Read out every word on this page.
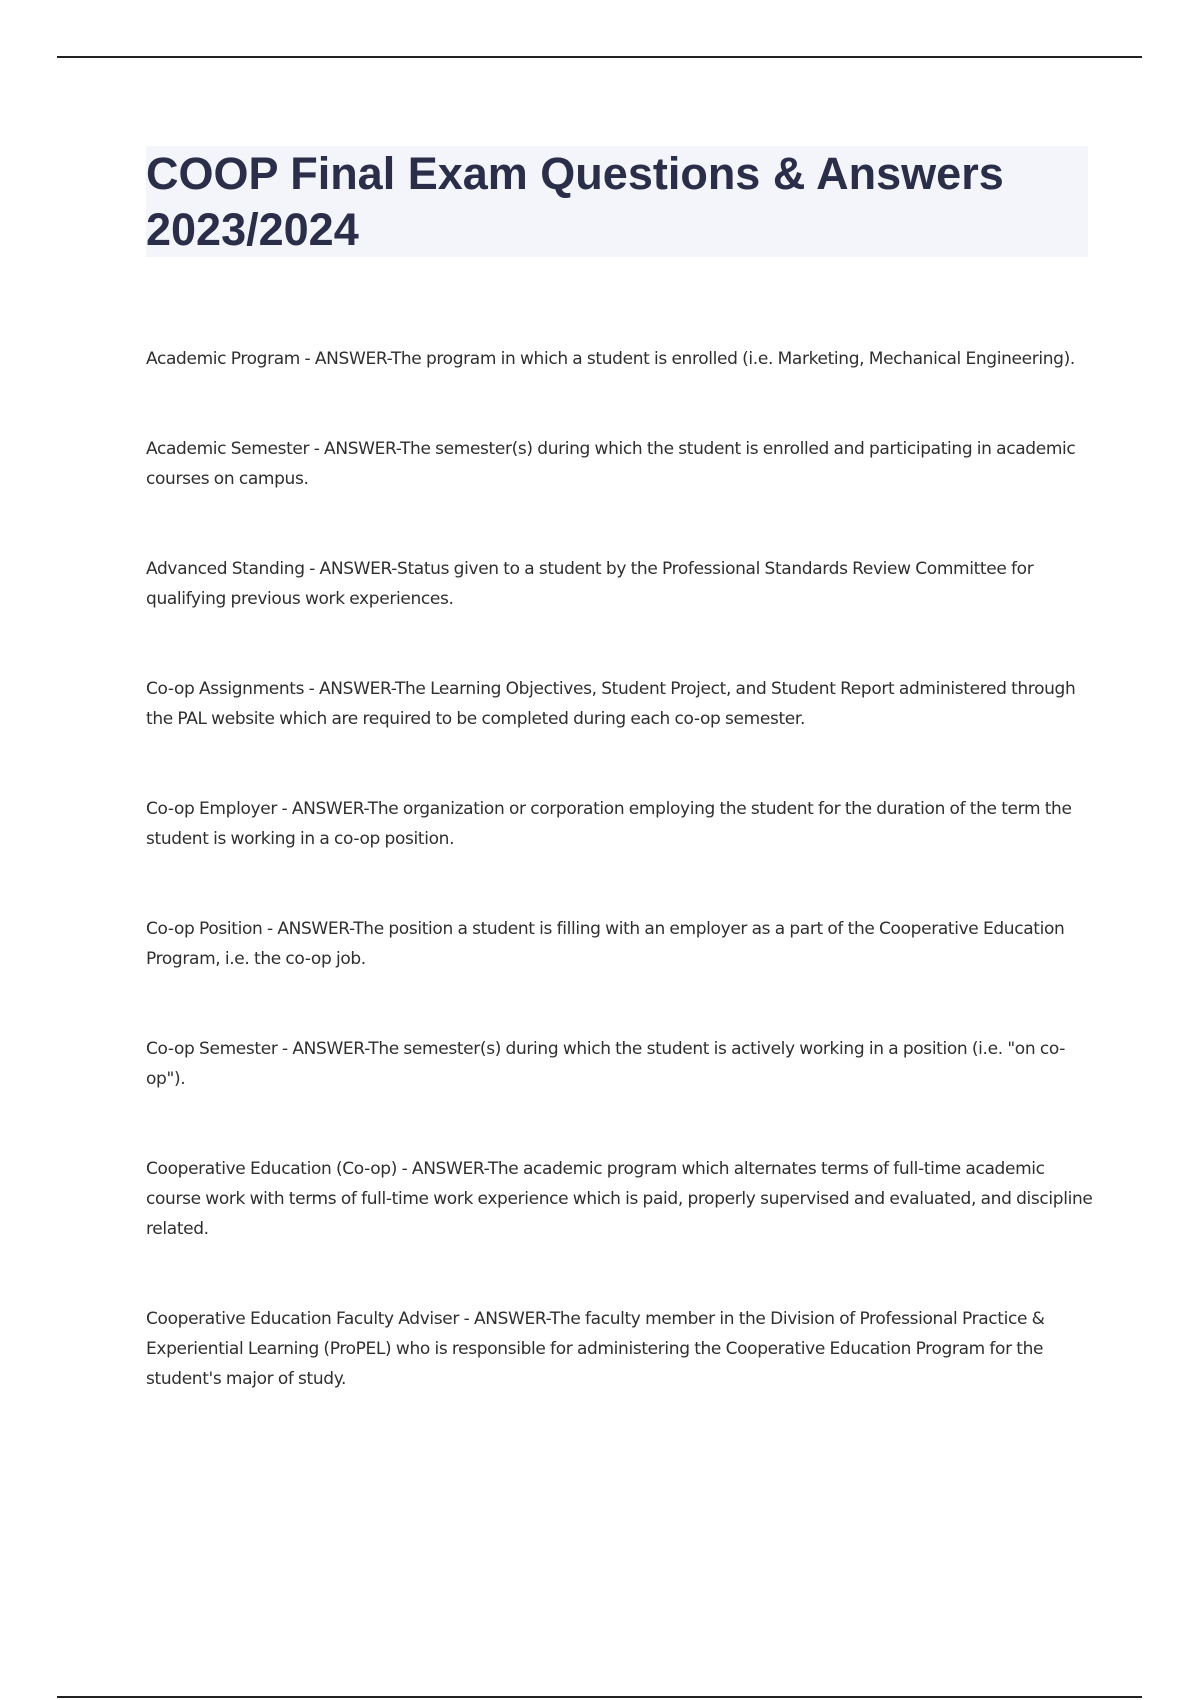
COOP Final Exam Questions & Answers
2023/2024

Academic Program - ANSWER-The program in which a student is enrolled (i.e. Marketing, Mechanical Engineering).

Academic Semester - ANSWER-The semester(s) during which the student is enrolled and participating in academic courses on campus.

Advanced Standing - ANSWER-Status given to a student by the Professional Standards Review Committee for qualifying previous work experiences.

Co-op Assignments - ANSWER-The Learning Objectives, Student Project, and Student Report administered through the PAL website which are required to be completed during each co-op semester.

Co-op Employer - ANSWER-The organization or corporation employing the student for the duration of the term the student is working in a co-op position.

Co-op Position - ANSWER-The position a student is filling with an employer as a part of the Cooperative Education Program, i.e. the co-op job.

Co-op Semester - ANSWER-The semester(s) during which the student is actively working in a position (i.e. "on co-op").

Cooperative Education (Co-op) - ANSWER-The academic program which alternates terms of full-time academic course work with terms of full-time work experience which is paid, properly supervised and evaluated, and discipline related.

Cooperative Education Faculty Adviser - ANSWER-The faculty member in the Division of Professional Practice & Experiential Learning (ProPEL) who is responsible for administering the Cooperative Education Program for the student's major of study.
